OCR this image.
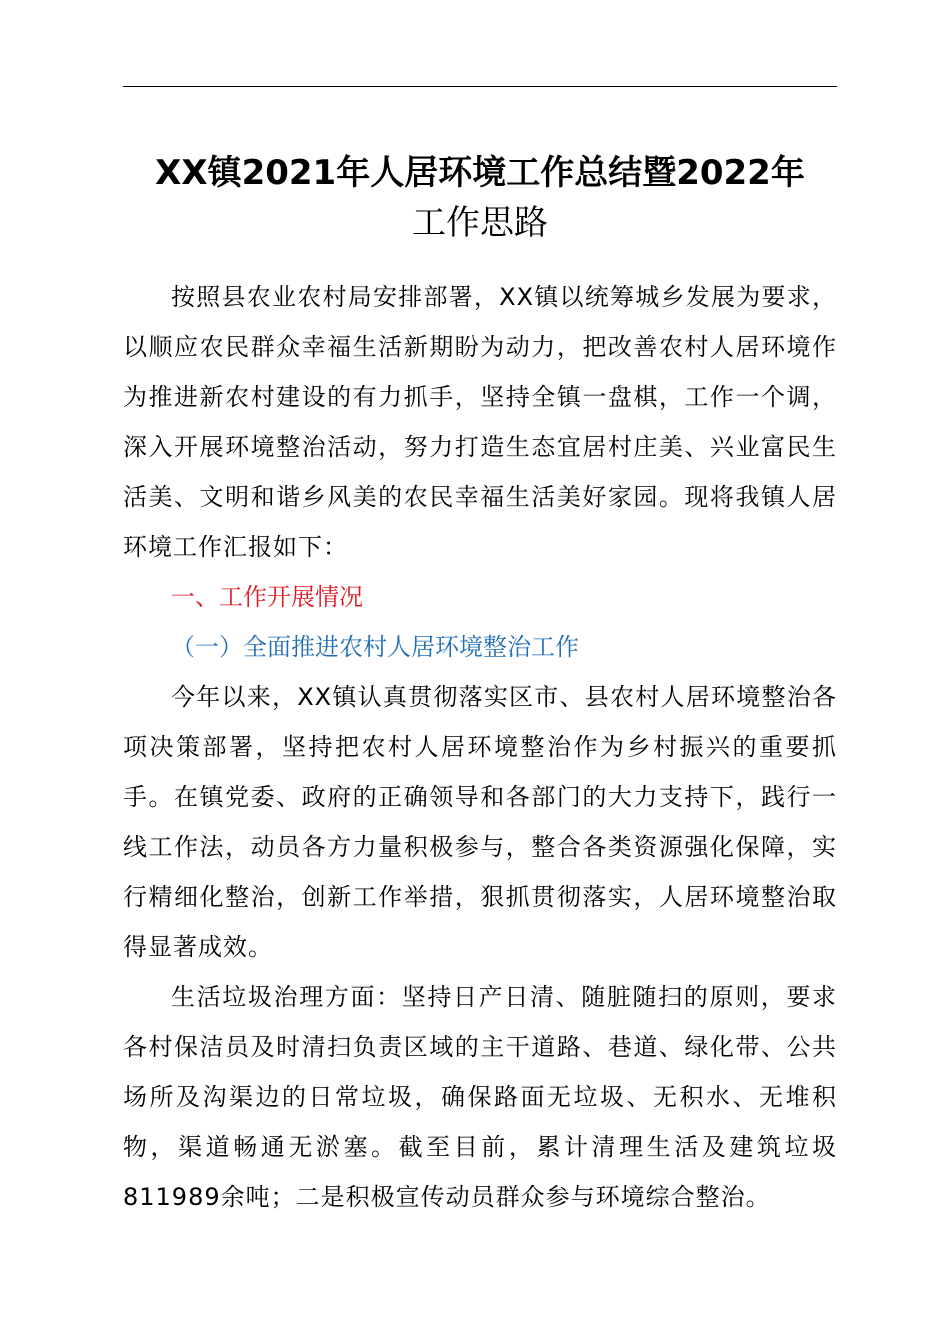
XX镇2021年人居环境工作总结暨2022年
工作思路

按照县农业农村局安排部署，XX镇以统筹城乡发展为要求，以顺应农民群众幸福生活新期盼为动力，把改善农村人居环境作为推进新农村建设的有力抓手，坚持全镇一盘棋，工作一个调，深入开展环境整治活动，努力打造生态宜居村庄美、兴业富民生活美、文明和谐乡风美的农民幸福生活美好家园。现将我镇人居环境工作汇报如下：

一、工作开展情况

（一）全面推进农村人居环境整治工作

今年以来，XX镇认真贯彻落实区市、县农村人居环境整治各项决策部署，坚持把农村人居环境整治作为乡村振兴的重要抓手。在镇党委、政府的正确领导和各部门的大力支持下，践行一线工作法，动员各方力量积极参与，整合各类资源强化保障，实行精细化整治，创新工作举措，狠抓贯彻落实，人居环境整治取得显著成效。

生活垃圾治理方面：坚持日产日清、随脏随扫的原则，要求各村保洁员及时清扫负责区域的主干道路、巷道、绿化带、公共场所及沟渠边的日常垃圾，确保路面无垃圾、无积水、无堆积物，渠道畅通无淤塞。截至目前，累计清理生活及建筑垃圾811989余吨；二是积极宣传动员群众参与环境综合整治。
